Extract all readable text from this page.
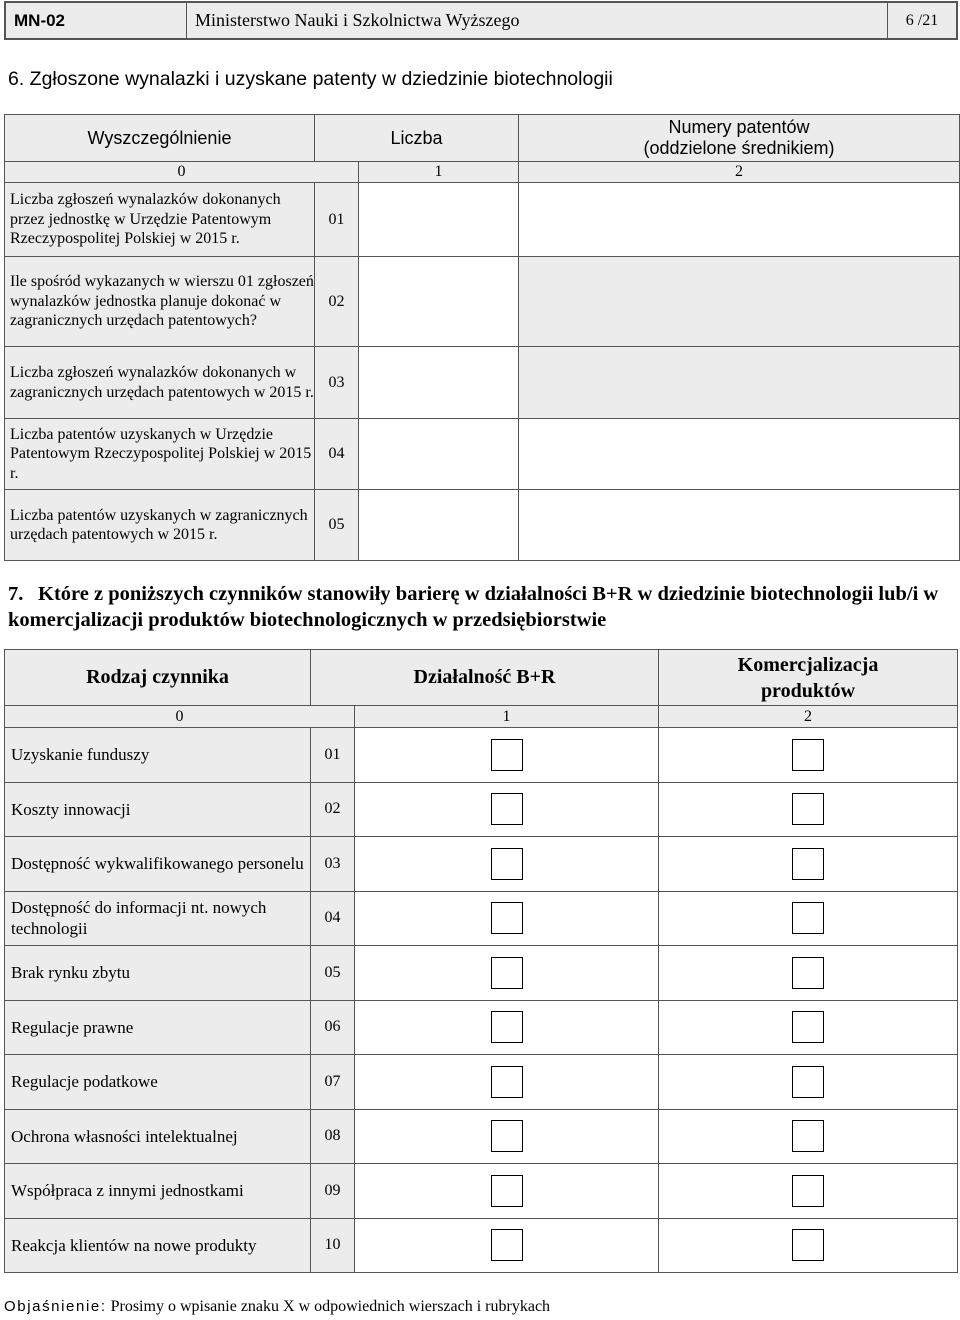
MN-02	Ministerstwo Nauki i Szkolnictwa Wyższego	6 /21
6. Zgłoszone wynalazki i uzyskane patenty w dziedzinie biotechnologii
Wyszczególnienie	Liczba		Numery patentów
(oddzielone średnikiem)

0		1	2
Liczba zgłoszeń wynalazków dokonanych przez jednostkę w Urzędzie Patentowym Rzeczypospolitej Polskiej w 2015 r.	01		
Ile spośród wykazanych w wierszu 01 zgłoszeń wynalazków jednostka planuje dokonać w zagranicznych urzędach patentowych?	02		
Liczba zgłoszeń wynalazków dokonanych w zagranicznych urzędach patentowych w 2015 r.	03		
Liczba patentów uzyskanych w Urzędzie Patentowym Rzeczypospolitej Polskiej w 2015 r.	04		
Liczba patentów uzyskanych w zagranicznych urzędach patentowych w 2015 r.	05		
7. Które z poniższych czynników stanowiły barierę w działalności B+R w dziedzinie biotechnologii lub/i w komercjalizacji produktów biotechnologicznych w przedsiębiorstwie
Rodzaj czynnika	Działalność B+R		Komercjalizacja
produktów

0		1	2
Uzyskanie funduszy	01	

Koszty innowacji	02	

Dostępność wykwalifikowanego personelu	03	

Dostępność do informacji nt. nowych technologii	04	

Brak rynku zbytu	05	

Regulacje prawne	06	

Regulacje podatkowe	07	

Ochrona własności intelektualnej	08	

Współpraca z innymi jednostkami	09	

Reakcja klientów na nowe produkty	10	

Objaśnienie: Prosimy o wpisanie znaku X w odpowiednich wierszach i rubrykach
